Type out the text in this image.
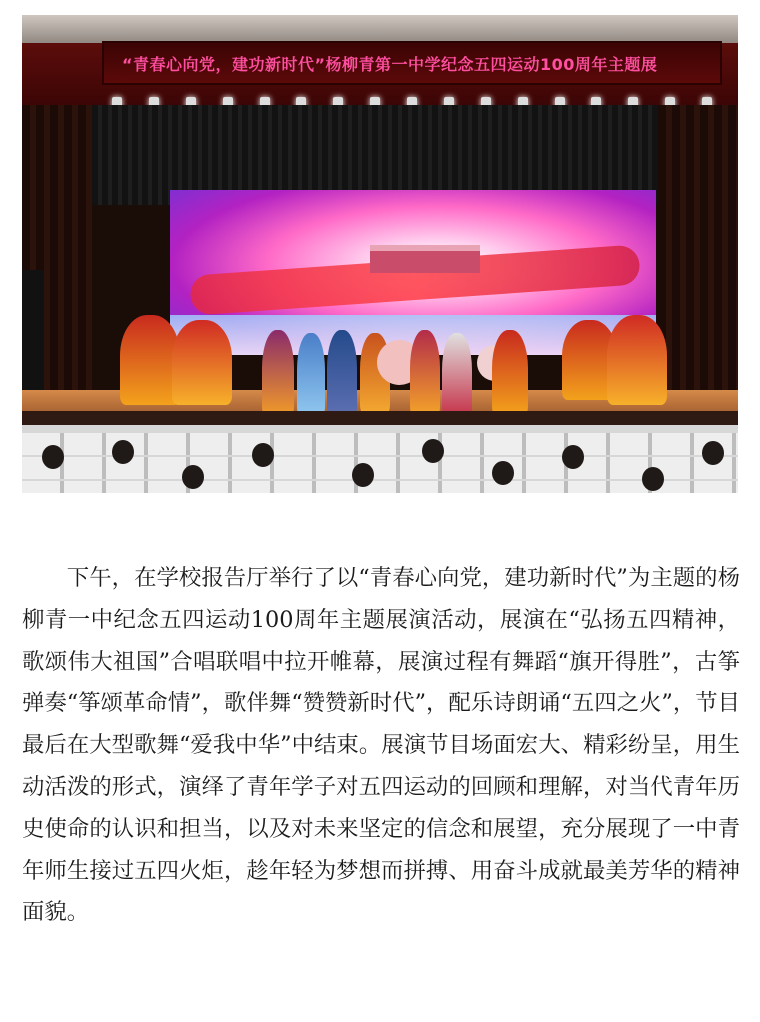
“青春心向党，建功新时代”杨柳青第一中学纪念五四运动100周年主题展

下午，在学校报告厅举行了以“青春心向党，建功新时代”为主题的杨柳青一中纪念五四运动100周年主题展演活动，展演在“弘扬五四精神，歌颂伟大祖国”合唱联唱中拉开帷幕，展演过程有舞蹈“旗开得胜”，古筝弹奏“筝颂革命情”，歌伴舞“赞赞新时代”，配乐诗朗诵“五四之火”，节目最后在大型歌舞“爱我中华”中结束。展演节目场面宏大、精彩纷呈，用生动活泼的形式，演绎了青年学子对五四运动的回顾和理解，对当代青年历史使命的认识和担当，以及对未来坚定的信念和展望，充分展现了一中青年师生接过五四火炬，趁年轻为梦想而拼搏、用奋斗成就最美芳华的精神面貌。
